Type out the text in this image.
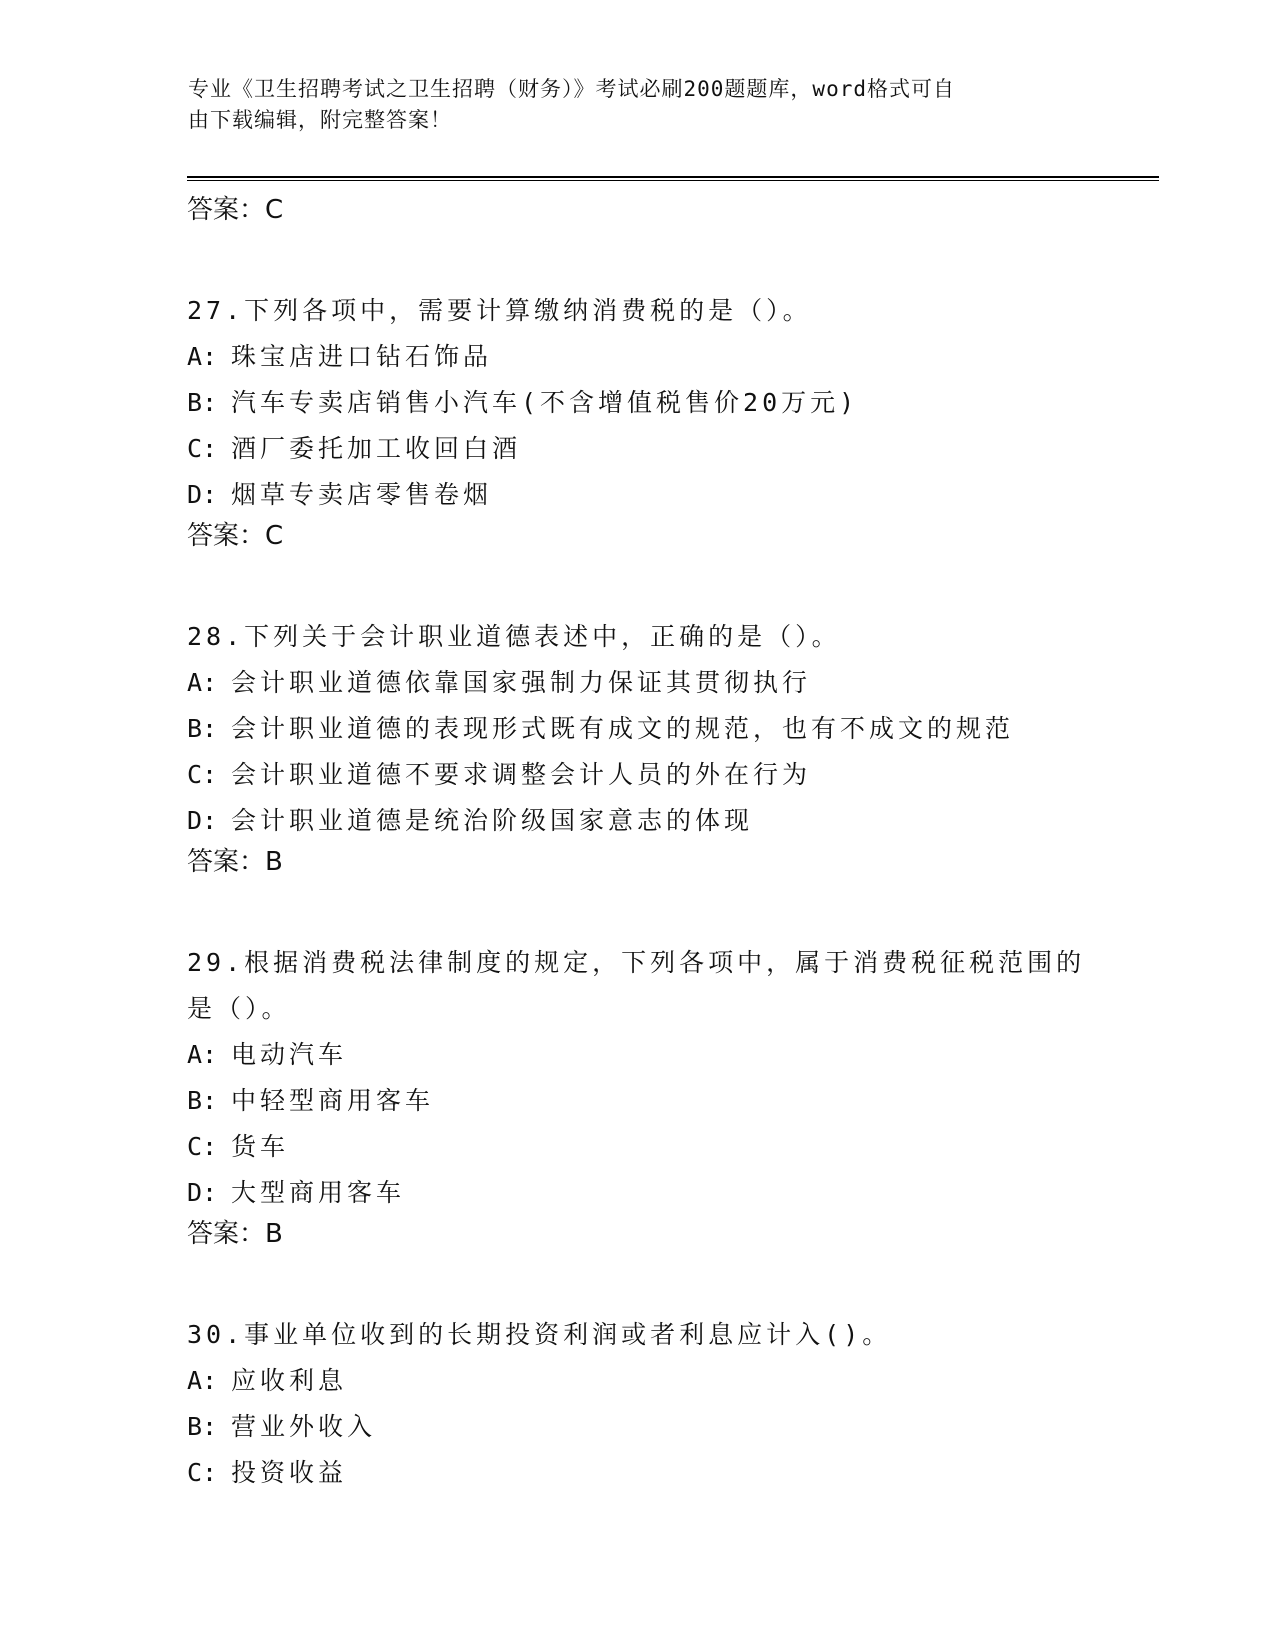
专业《卫生招聘考试之卫生招聘（财务）》考试必刷200题题库，word格式可自
由下载编辑，附完整答案！

答案：C

27.下列各项中，需要计算缴纳消费税的是（）。

A: 珠宝店进口钻石饰品

B: 汽车专卖店销售小汽车(不含增值税售价20万元)

C: 酒厂委托加工收回白酒

D: 烟草专卖店零售卷烟

答案：C

28.下列关于会计职业道德表述中，正确的是（）。

A: 会计职业道德依靠国家强制力保证其贯彻执行

B: 会计职业道德的表现形式既有成文的规范，也有不成文的规范

C: 会计职业道德不要求调整会计人员的外在行为

D: 会计职业道德是统治阶级国家意志的体现

答案：B

29.根据消费税法律制度的规定，下列各项中，属于消费税征税范围的

是（）。

A: 电动汽车

B: 中轻型商用客车

C: 货车

D: 大型商用客车

答案：B

30.事业单位收到的长期投资利润或者利息应计入()。

A: 应收利息

B: 营业外收入

C: 投资收益
